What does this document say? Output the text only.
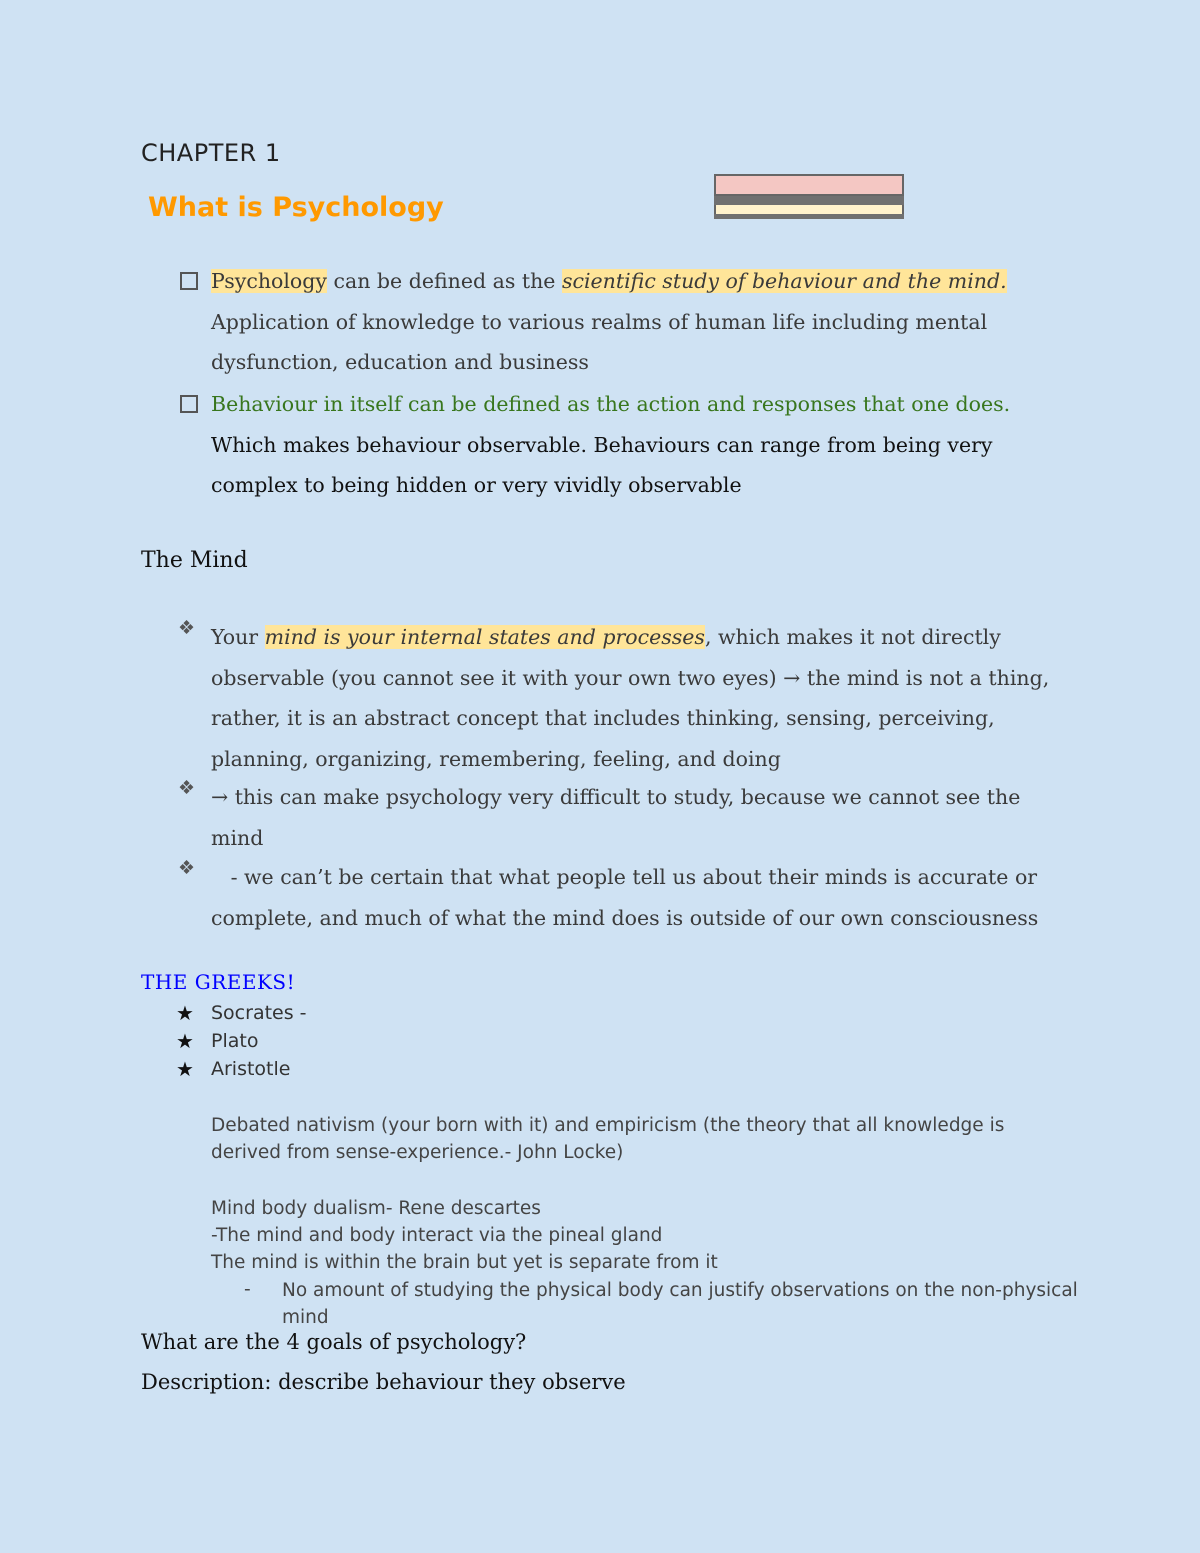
CHAPTER 1
What is Psychology
Psychology can be defined as the scientific study of behaviour and the mind. Application of knowledge to various realms of human life including mental dysfunction, education and business
Behaviour in itself can be defined as the action and responses that one does. Which makes behaviour observable. Behaviours can range from being very complex to being hidden or very vividly observable
The Mind
❖ Your mind is your internal states and processes, which makes it not directly observable (you cannot see it with your own two eyes) → the mind is not a thing, rather, it is an abstract concept that includes thinking, sensing, perceiving, planning, organizing, remembering, feeling, and doing
❖ → this can make psychology very difficult to study, because we cannot see the mind
❖ - we can’t be certain that what people tell us about their minds is accurate or complete, and much of what the mind does is outside of our own consciousness
THE GREEKS!
★ Socrates -
★ Plato
★ Aristotle
Debated nativism (your born with it) and empiricism (the theory that all knowledge is derived from sense-experience.- John Locke)
Mind body dualism- Rene descartes
-The mind and body interact via the pineal gland
The mind is within the brain but yet is separate from it
- No amount of studying the physical body can justify observations on the non-physical mind
What are the 4 goals of psychology?
Description: describe behaviour they observe
